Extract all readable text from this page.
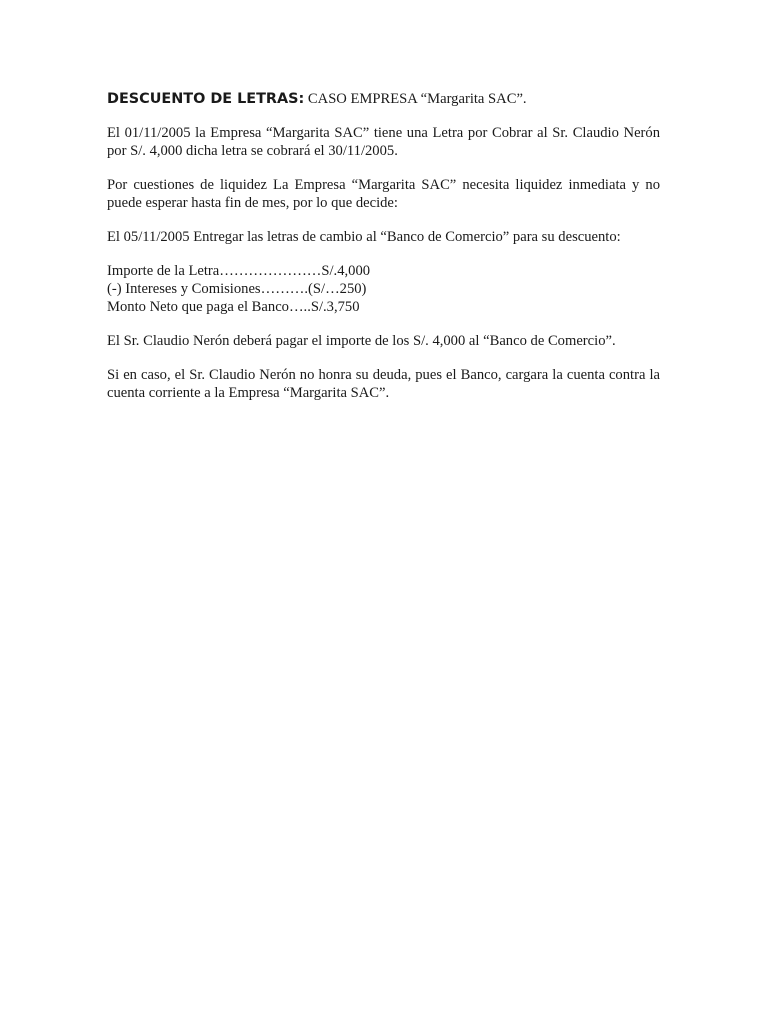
DESCUENTO DE LETRAS: CASO EMPRESA “Margarita SAC”.

El 01/11/2005 la Empresa “Margarita SAC” tiene una Letra por Cobrar al Sr. Claudio Nerón por S/. 4,000 dicha letra se cobrará el 30/11/2005.

Por cuestiones de liquidez La Empresa “Margarita SAC” necesita liquidez inmediata y no puede esperar hasta fin de mes, por lo que decide:

El 05/11/2005 Entregar las letras de cambio al “Banco de Comercio” para su descuento:

Importe de la Letra…………………S/.4,000
(-) Intereses y Comisiones……….(S/…250)
Monto Neto que paga el Banco…..S/.3,750

El Sr. Claudio Nerón deberá pagar el importe de los S/. 4,000 al “Banco de Comercio”.

Si en caso, el Sr. Claudio Nerón no honra su deuda, pues el Banco, cargara la cuenta contra la cuenta corriente a la Empresa “Margarita SAC”.
